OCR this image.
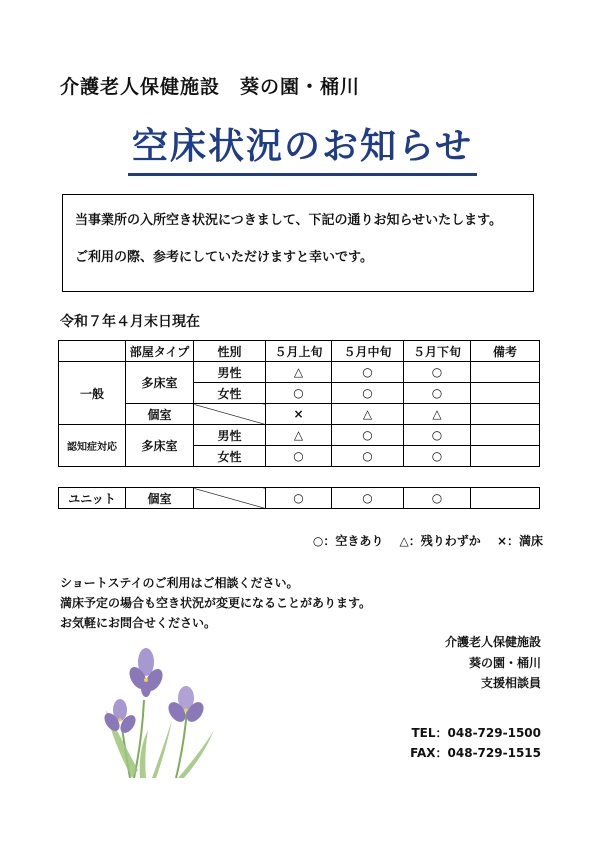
介護老人保健施設　葵の園・桶川
空床状況のお知らせ

当事業所の入所空き状況につきまして、下記の通りお知らせいたします。

ご利用の際、参考にしていただけますと幸いです。

令和７年４月末日現在
	部屋タイプ	性別	５月上旬	５月中旬	５月下旬	備考
一般	多床室	男性	△	○	○	
		女性	○	○	○	
	個室		×	△	△	
認知症対応	多床室	男性	△	○	○	
		女性	○	○	○	
ユニット	個室		○	○	○	
○：空きあり △：残りわずか ×：満床
ショートステイのご利用はご相談ください。
満床予定の場合も空き状況が変更になることがあります。
お気軽にお問合せください。
介護老人保健施設
葵の園・桶川
支援相談員
TEL：048-729-1500
FAX：048-729-1515
